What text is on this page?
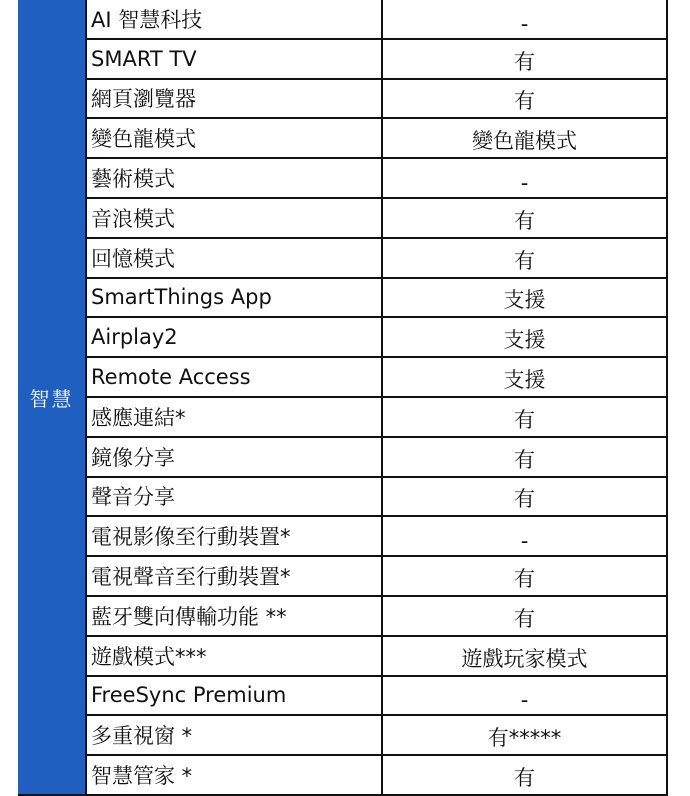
智慧
AI 智慧科技	-
SMART TV	有
網頁瀏覽器	有
變色龍模式	變色龍模式
藝術模式	-
音浪模式	有
回憶模式	有
SmartThings App	支援
Airplay2	支援
Remote Access	支援
感應連結*	有
鏡像分享	有
聲音分享	有
電視影像至行動裝置*	-
電視聲音至行動裝置*	有
藍牙雙向傳輸功能 **	有
遊戲模式***	遊戲玩家模式
FreeSync Premium	-
多重視窗 *	有*****
智慧管家 *	有
